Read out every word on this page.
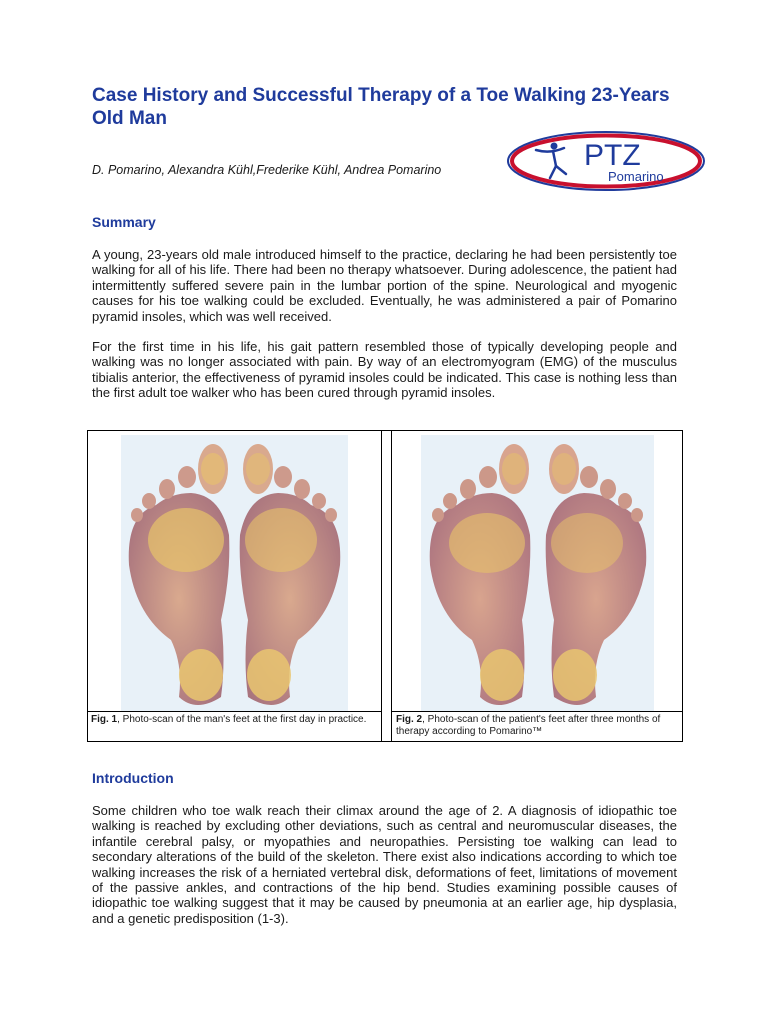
Case History and Successful Therapy of a Toe Walking 23-Years Old Man
D. Pomarino, Alexandra Kühl,Frederike Kühl, Andrea Pomarino	PTZ
Pomarino
Summary
A young, 23-years old male introduced himself to the practice, declaring he had been persistently toe walking for all of his life. There had been no therapy whatsoever. During adolescence, the patient had intermittently suffered severe pain in the lumbar portion of the spine. Neurological and myogenic causes for his toe walking could be excluded. Eventually, he was administered a pair of Pomarino pyramid insoles, which was well received.
For the first time in his life, his gait pattern resembled those of typically developing people and walking was no longer associated with pain. By way of an electromyogram (EMG) of the musculus tibialis anterior, the effectiveness of pyramid insoles could be indicated. This case is nothing less than the first adult toe walker who has been cured through pyramid insoles.
Fig. 1, Photo-scan of the man's feet at the first day in practice.	Fig. 2, Photo-scan of the patient's feet after three months of therapy according to Pomarino™
Introduction
Some children who toe walk reach their climax around the age of 2. A diagnosis of idiopathic toe walking is reached by excluding other deviations, such as central and neuromuscular diseases, the infantile cerebral palsy, or myopathies and neuropathies. Persisting toe walking can lead to secondary alterations of the build of the skeleton. There exist also indications according to which toe walking increases the risk of a herniated vertebral disk, deformations of feet, limitations of movement of the passive ankles, and contractions of the hip bend. Studies examining possible causes of idiopathic toe walking suggest that it may be caused by pneumonia at an earlier age, hip dysplasia, and a genetic predisposition (1-3).
